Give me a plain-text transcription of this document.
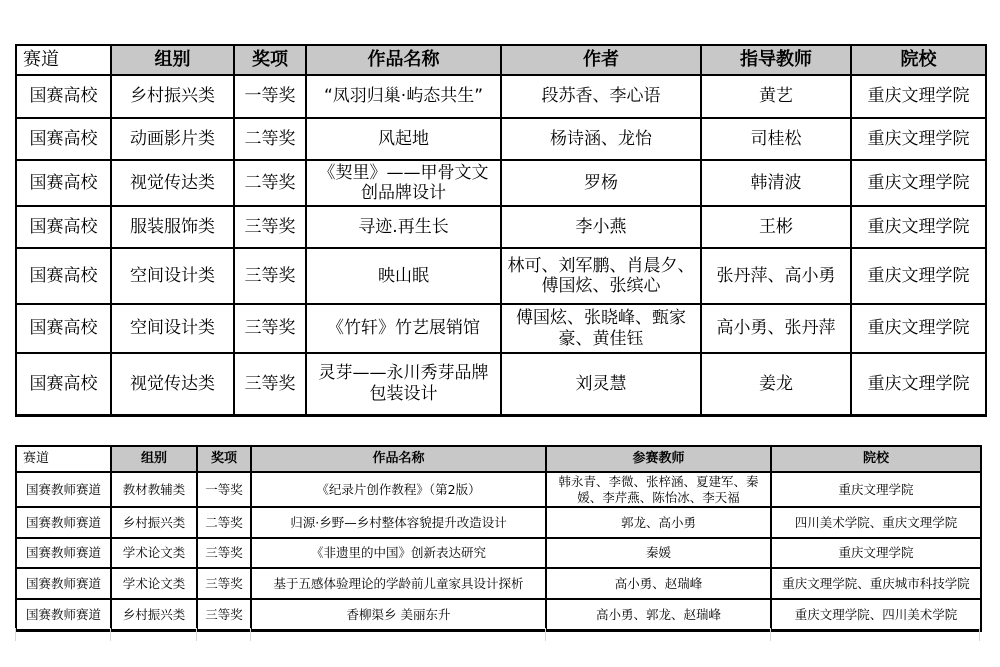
赛道	组别	奖项	作品名称	作者	指导教师	院校
国赛高校	乡村振兴类	一等奖	“凤羽归巢·屿态共生”	段苏香、李心语	黄艺	重庆文理学院
国赛高校	动画影片类	二等奖	风起地	杨诗涵、龙怡	司桂松	重庆文理学院
国赛高校	视觉传达类	二等奖	《契里》——甲骨文文创品牌设计	罗杨	韩清波	重庆文理学院
国赛高校	服装服饰类	三等奖	寻迹.再生长	李小燕	王彬	重庆文理学院
国赛高校	空间设计类	三等奖	映山眠	林可、刘军鹏、肖晨夕、傅国炫、张缤心	张丹萍、高小勇	重庆文理学院
国赛高校	空间设计类	三等奖	《竹轩》竹艺展销馆	傅国炫、张晓峰、甄家豪、黄佳钰	高小勇、张丹萍	重庆文理学院
国赛高校	视觉传达类	三等奖	灵芽——永川秀芽品牌包装设计	刘灵慧	姜龙	重庆文理学院
赛道	组别	奖项	作品名称	参赛教师	院校
国赛教师赛道	教材教辅类	一等奖	《纪录片创作教程》（第2版）	韩永青、李微、张梓涵、夏建军、秦媛、李芹燕、陈怡冰、李天福	重庆文理学院
国赛教师赛道	乡村振兴类	二等奖	归源·乡野—乡村整体容貌提升改造设计	郭龙、高小勇	四川美术学院、重庆文理学院
国赛教师赛道	学术论文类	三等奖	《非遗里的中国》创新表达研究	秦媛	重庆文理学院
国赛教师赛道	学术论文类	三等奖	基于五感体验理论的学龄前儿童家具设计探析	高小勇、赵瑞峰	重庆文理学院、重庆城市科技学院
国赛教师赛道	乡村振兴类	三等奖	香柳渠乡 美丽东升	高小勇、郭龙、赵瑞峰	重庆文理学院、四川美术学院
